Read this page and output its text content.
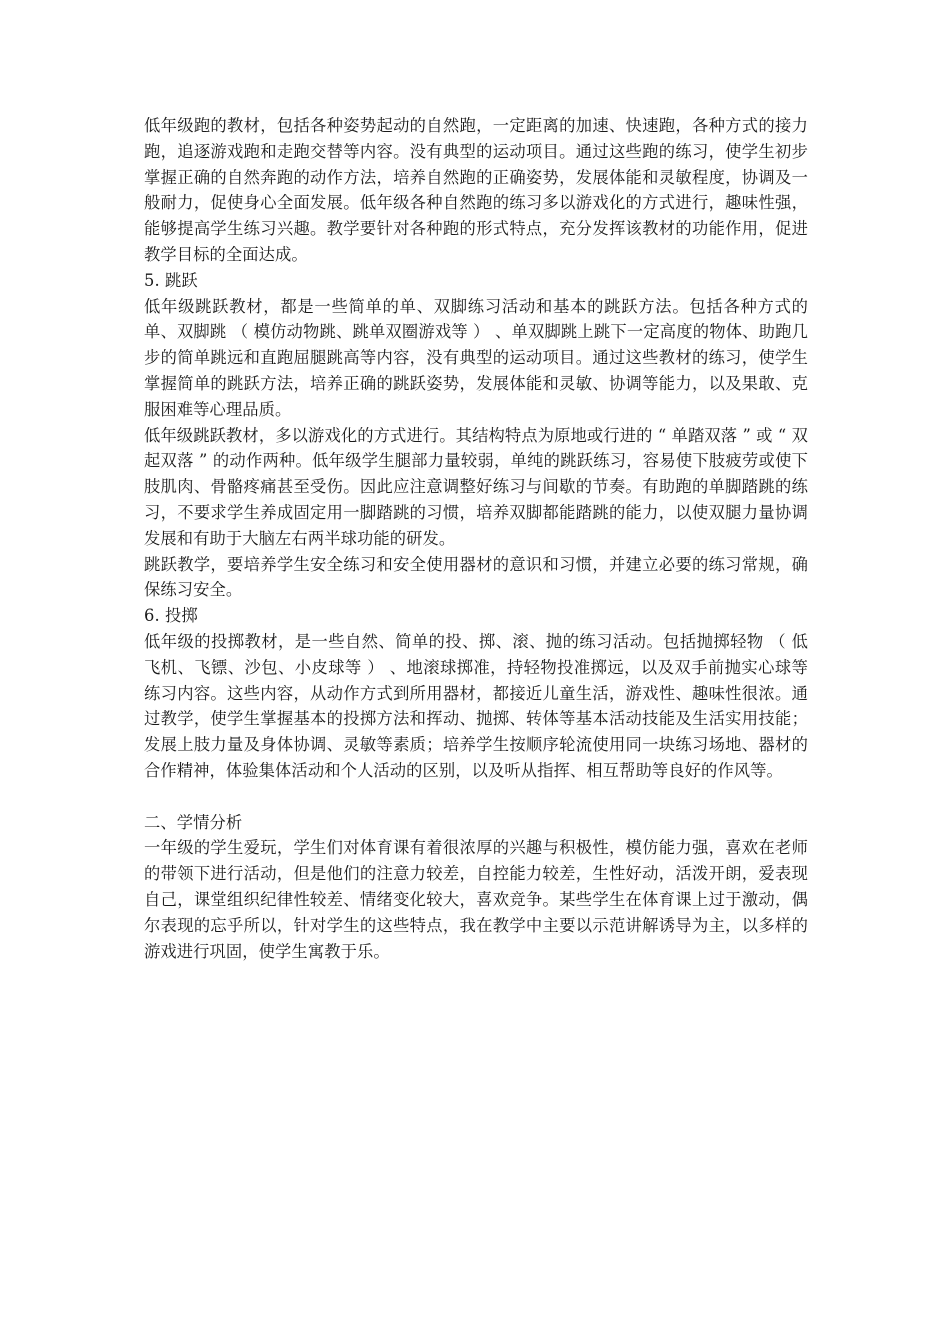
低年级跑的教材，包括各种姿势起动的自然跑，一定距离的加速、快速跑，各种方式的接力跑，追逐游戏跑和走跑交替等内容。没有典型的运动项目。通过这些跑的练习，使学生初步掌握正确的自然奔跑的动作方法，培养自然跑的正确姿势，发展体能和灵敏程度，协调及一般耐力，促使身心全面发展。低年级各种自然跑的练习多以游戏化的方式进行，趣味性强，能够提高学生练习兴趣。教学要针对各种跑的形式特点，充分发挥该教材的功能作用，促进教学目标的全面达成。

5. 跳跃

低年级跳跃教材，都是一些简单的单、双脚练习活动和基本的跳跃方法。包括各种方式的单、双脚跳 （ 模仿动物跳、跳单双圈游戏等 ） 、单双脚跳上跳下一定高度的物体、助跑几步的简单跳远和直跑屈腿跳高等内容，没有典型的运动项目。通过这些教材的练习，使学生掌握简单的跳跃方法，培养正确的跳跃姿势，发展体能和灵敏、协调等能力，以及果敢、克服困难等心理品质。

低年级跳跃教材，多以游戏化的方式进行。其结构特点为原地或行进的 “ 单踏双落 ” 或 “ 双起双落 ” 的动作两种。低年级学生腿部力量较弱，单纯的跳跃练习，容易使下肢疲劳或使下肢肌肉、骨骼疼痛甚至受伤。因此应注意调整好练习与间歇的节奏。有助跑的单脚踏跳的练习，不要求学生养成固定用一脚踏跳的习惯，培养双脚都能踏跳的能力，以使双腿力量协调发展和有助于大脑左右两半球功能的研发。

跳跃教学，要培养学生安全练习和安全使用器材的意识和习惯，并建立必要的练习常规，确保练习安全。

6. 投掷

低年级的投掷教材，是一些自然、简单的投、掷、滚、抛的练习活动。包括抛掷轻物 （ 低飞机、飞镖、沙包、小皮球等 ） 、地滚球掷准，持轻物投准掷远，以及双手前抛实心球等练习内容。这些内容，从动作方式到所用器材，都接近儿童生活，游戏性、趣味性很浓。通过教学，使学生掌握基本的投掷方法和挥动、抛掷、转体等基本活动技能及生活实用技能；发展上肢力量及身体协调、灵敏等素质；培养学生按顺序轮流使用同一块练习场地、器材的合作精神，体验集体活动和个人活动的区别，以及听从指挥、相互帮助等良好的作风等。

二、学情分析

一年级的学生爱玩，学生们对体育课有着很浓厚的兴趣与积极性，模仿能力强，喜欢在老师的带领下进行活动，但是他们的注意力较差，自控能力较差，生性好动，活泼开朗，爱表现自己，课堂组织纪律性较差、情绪变化较大，喜欢竞争。某些学生在体育课上过于激动，偶尔表现的忘乎所以，针对学生的这些特点，我在教学中主要以示范讲解诱导为主，以多样的游戏进行巩固，使学生寓教于乐。
